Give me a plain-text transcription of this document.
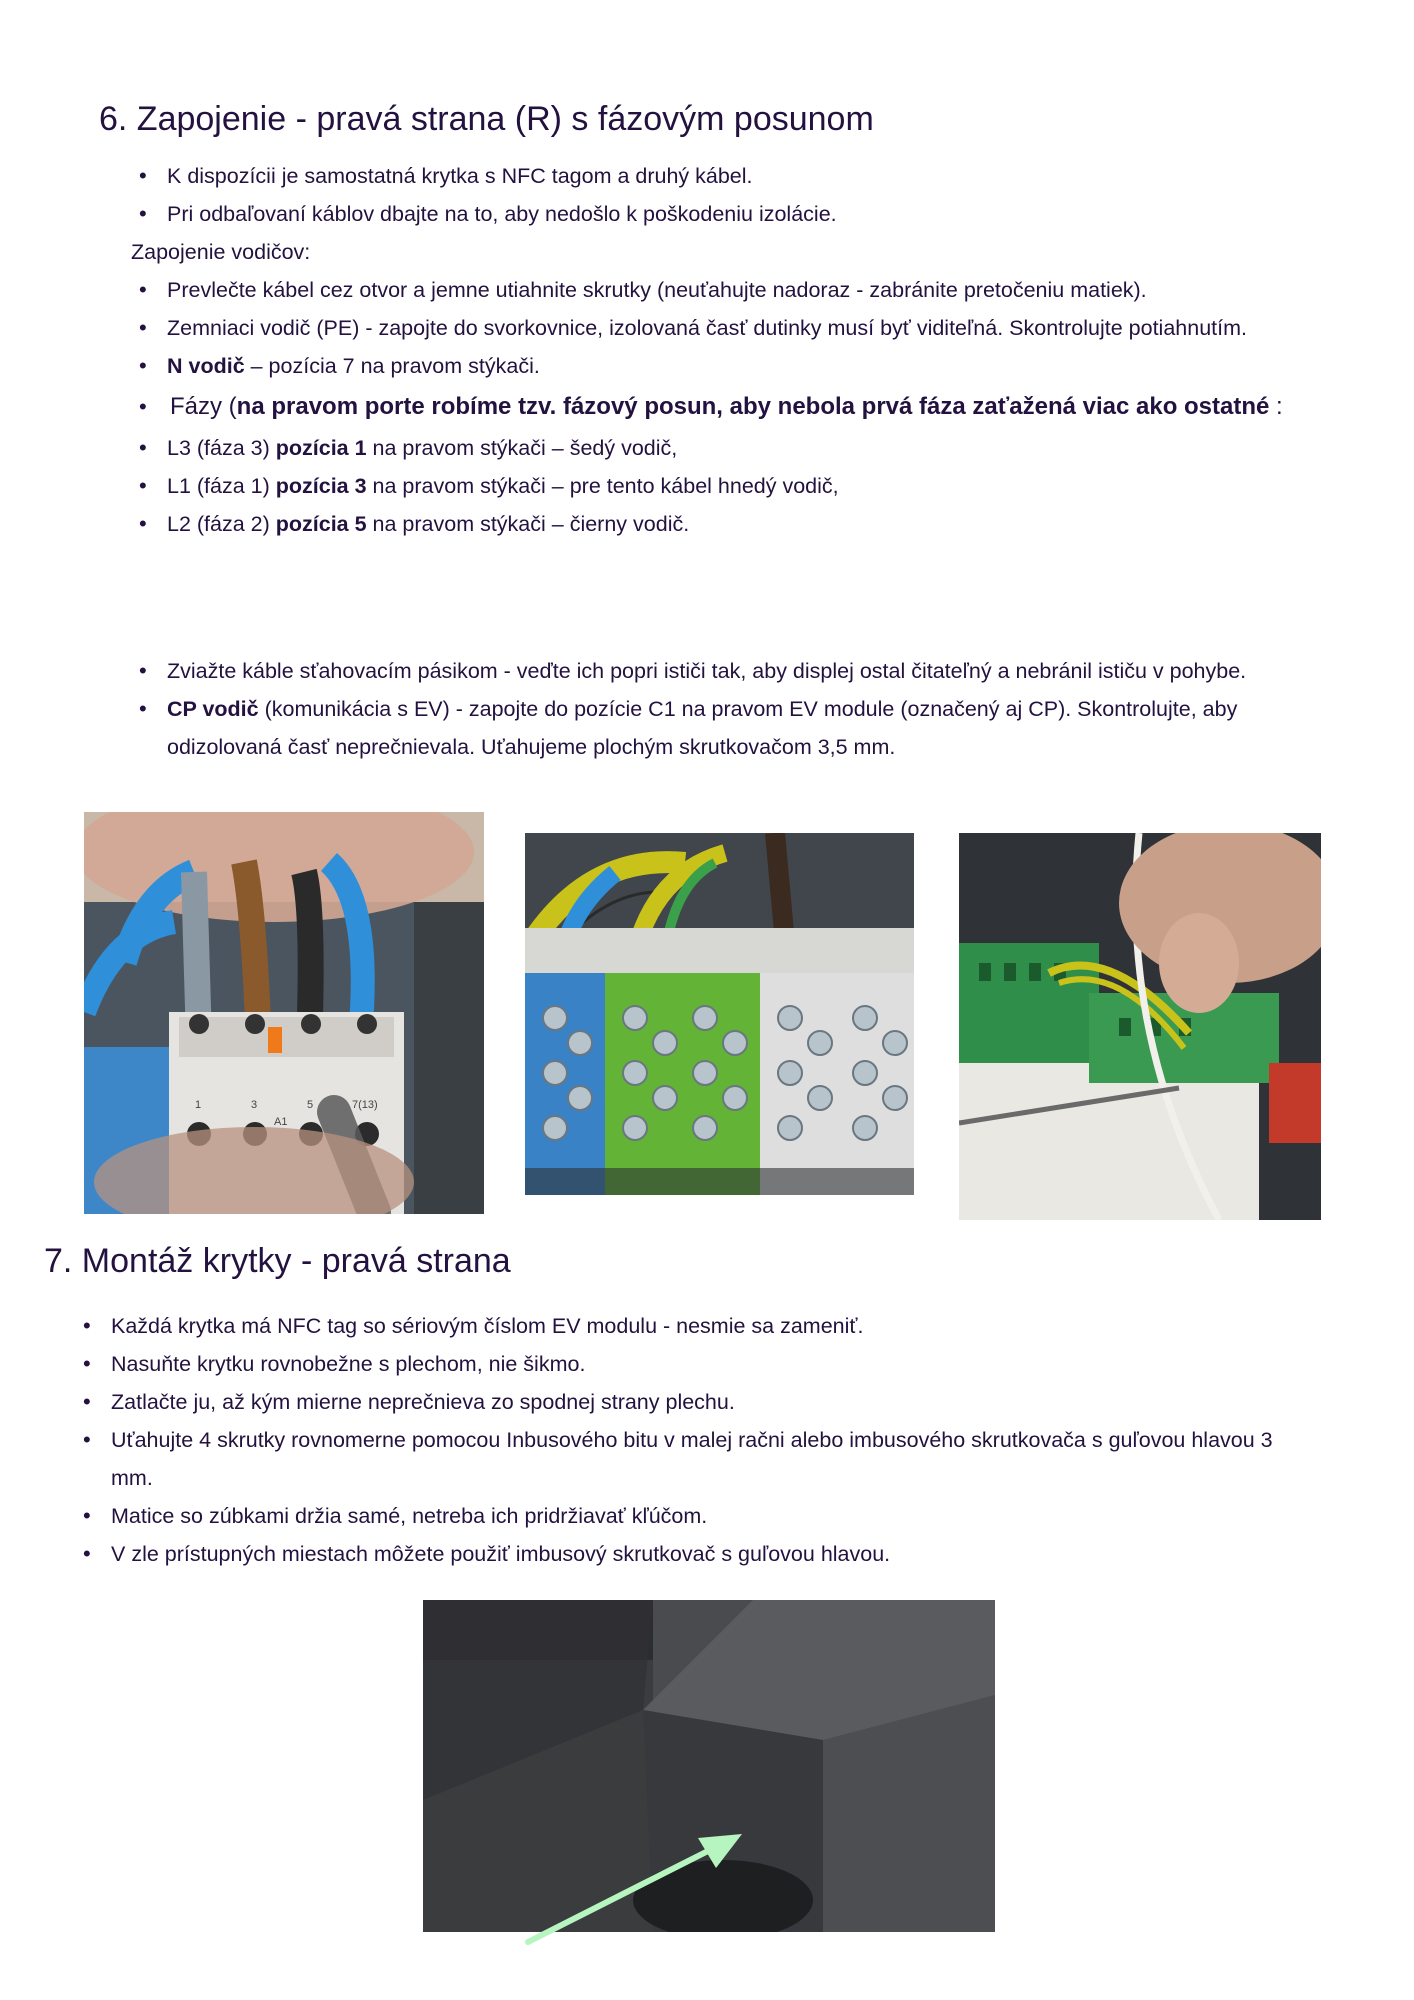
6. Zapojenie - pravá strana (R) s fázovým posunom
• K dispozícii je samostatná krytka s NFC tagom a druhý kábel.
• Pri odbaľovaní káblov dbajte na to, aby nedošlo k poškodeniu izolácie.
Zapojenie vodičov:
• Prevlečte kábel cez otvor a jemne utiahnite skrutky (neuťahujte nadoraz - zabránite pretočeniu matiek).
• Zemniaci vodič (PE) - zapojte do svorkovnice, izolovaná časť dutinky musí byť viditeľná. Skontrolujte potiahnutím.
• N vodič – pozícia 7 na pravom stýkači.
• Fázy (na pravom porte robíme tzv. fázový posun, aby nebola prvá fáza zaťažená viac ako ostatné :
• L3 (fáza 3) pozícia 1 na pravom stýkači – šedý vodič,
• L1 (fáza 1) pozícia 3 na pravom stýkači – pre tento kábel hnedý vodič,
• L2 (fáza 2) pozícia 5 na pravom stýkači – čierny vodič.
• Zviažte káble sťahovacím pásikom - veďte ich popri ističi tak, aby displej ostal čitateľný a nebránil ističu v pohybe.
• CP vodič (komunikácia s EV) - zapojte do pozície C1 na pravom EV module (označený aj CP). Skontrolujte, aby odizolovaná časť neprečnievala. Uťahujeme plochým skrutkovačom 3,5 mm.
1	3	5	7(13)
A1
7. Montáž krytky - pravá strana
• Každá krytka má NFC tag so sériovým číslom EV modulu - nesmie sa zameniť.
• Nasuňte krytku rovnobežne s plechom, nie šikmo.
• Zatlačte ju, až kým mierne neprečnieva zo spodnej strany plechu.
• Uťahujte 4 skrutky rovnomerne pomocou Inbusového bitu v malej račni alebo imbusového skrutkovača s guľovou hlavou 3 mm.
• Matice so zúbkami držia samé, netreba ich pridržiavať kľúčom.
• V zle prístupných miestach môžete použiť imbusový skrutkovač s guľovou hlavou.
